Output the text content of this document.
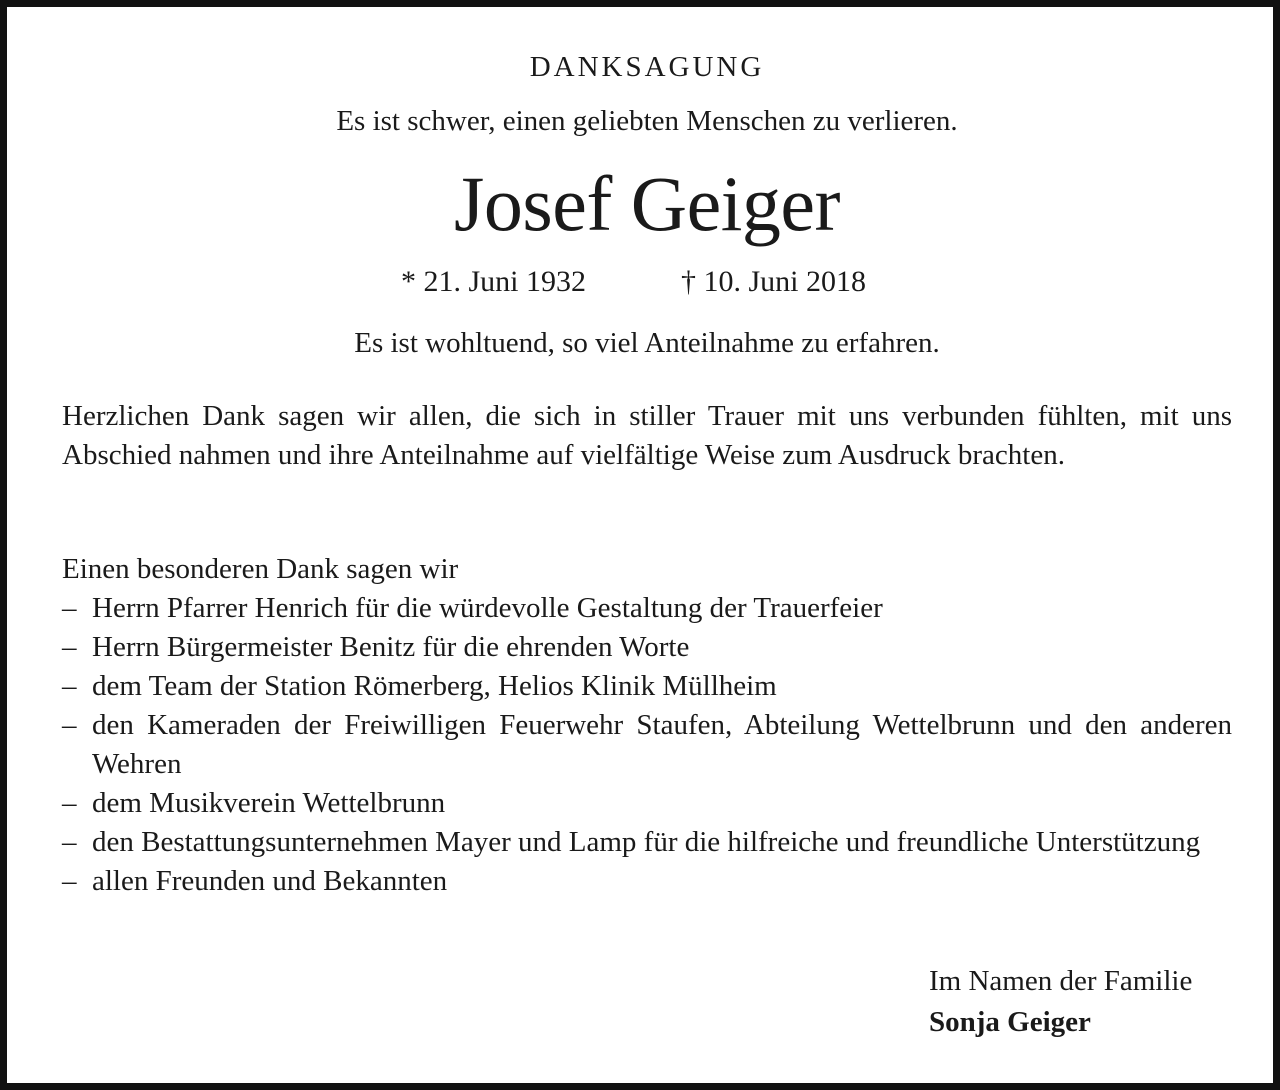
DANKSAGUNG
Es ist schwer, einen geliebten Menschen zu verlieren.
Josef Geiger
* 21. Juni 1932	† 10. Juni 2018
Es ist wohltuend, so viel Anteilnahme zu erfahren.
Herzlichen Dank sagen wir allen, die sich in stiller Trauer mit uns verbunden fühlten, mit uns Abschied nahmen und ihre Anteilnahme auf vielfältige Weise zum Ausdruck brachten.
Einen besonderen Dank sagen wir
– Herrn Pfarrer Henrich für die würdevolle Gestaltung der Trauerfeier
– Herrn Bürgermeister Benitz für die ehrenden Worte
– dem Team der Station Römerberg, Helios Klinik Müllheim
– den Kameraden der Freiwilligen Feuerwehr Staufen, Abteilung Wettelbrunn und den anderen Wehren
– dem Musikverein Wettelbrunn
– den Bestattungsunternehmen Mayer und Lamp für die hilfreiche und freundliche Unterstützung
– allen Freunden und Bekannten
Im Namen der Familie
Sonja Geiger
